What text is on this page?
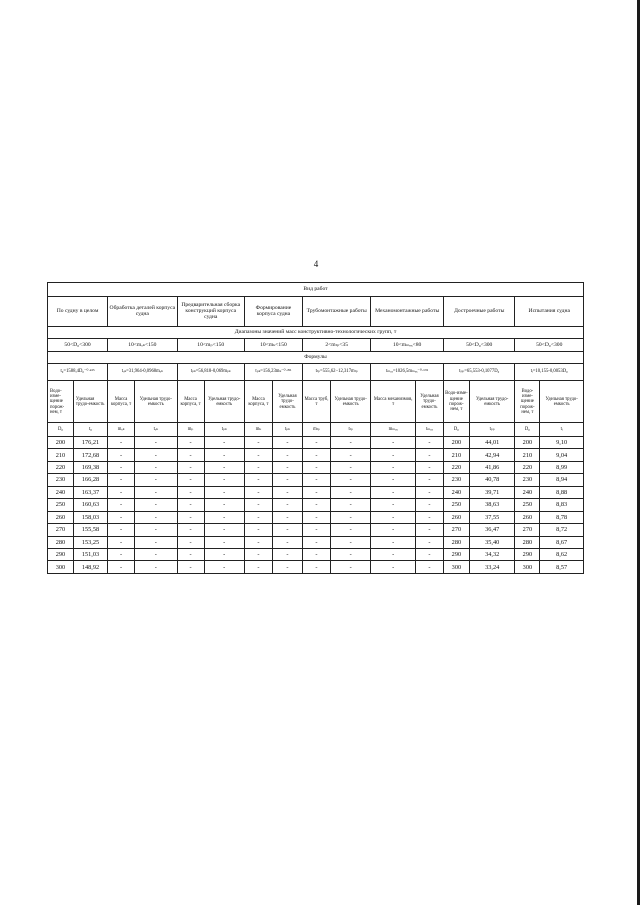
4
Вид работ															
По судну в целом		Обработка деталей корпуса судна		Предварительная сборка конструкций корпуса судна		Формирование корпуса судна		Трубомонтажные работы		Механомонтажные работы		Достроечные работы		Испытания судна	
Диапазоны значений масс конструктивно-технологических групп, т															
50<D₀<300		10<mₒₖ<150		10<mₚ<150		10<mₖ<150		2<mₜₚ<35		10<mₘₑₓ<80		50<D₀<300		50<D₀<300	
Формулы															
t₀=1588,4D₀⁻⁰·⁴¹⁵		tₒₖ=31,964-0,0968mₒₖ		tₚₖ=56,818-0,069mₚₖ		tₚₖ=156,23mₖ⁻⁰·³⁹¹		tₜₚ=555,62−12,317mₜₚ		tₘₑₓ=1026,5mₘₑₓ⁻⁰·⁶⁹⁶		tₚₚ=65,553-0,1077D₀		tᵢ=10,155-0,0053D₀	
Водо-изме-щение порож-нем, т	Удельная трудо-емкость	Масса корпуса, т	Удельная трудо-емкость	Масса корпуса, т	Удельная трудо-емкость	Масса корпуса, т	Удельная трудо-емкость	Масса труб, т	Удельная трудо-емкость	Масса механизмов, т	Удельная трудо-емкость	Водо-изме-щение порож-нем, т	Удельная трудо-емкость	Водо-изме-щение порож-нем, т	Удельная трудо-емкость
D₀	t₀	mₒₖ	tₒₖ	mₚ	tₚₖ	mₖ	tₚₖ	mₜₚ	tₜₚ	mₘₑₓ	tₘₑₓ	D₀	tₚₚ	D₀	tᵢ
200	176,21	-	-	-	-	-	-	-	-	-	-	200	44,01	200	9,10
210	172,68	-	-	-	-	-	-	-	-	-	-	210	42,94	210	9,04
220	169,38	-	-	-	-	-	-	-	-	-	-	220	41,86	220	8,99
230	166,28	-	-	-	-	-	-	-	-	-	-	230	40,78	230	8,94
240	163,37	-	-	-	-	-	-	-	-	-	-	240	39,71	240	8,88
250	160,63	-	-	-	-	-	-	-	-	-	-	250	38,63	250	8,83
260	158,03	-	-	-	-	-	-	-	-	-	-	260	37,55	260	8,78
270	155,58	-	-	-	-	-	-	-	-	-	-	270	36,47	270	8,72
280	153,25	-	-	-	-	-	-	-	-	-	-	280	35,40	280	8,67
290	151,03	-	-	-	-	-	-	-	-	-	-	290	34,32	290	8,62
300	148,92	-	-	-	-	-	-	-	-	-	-	300	33,24	300	8,57
